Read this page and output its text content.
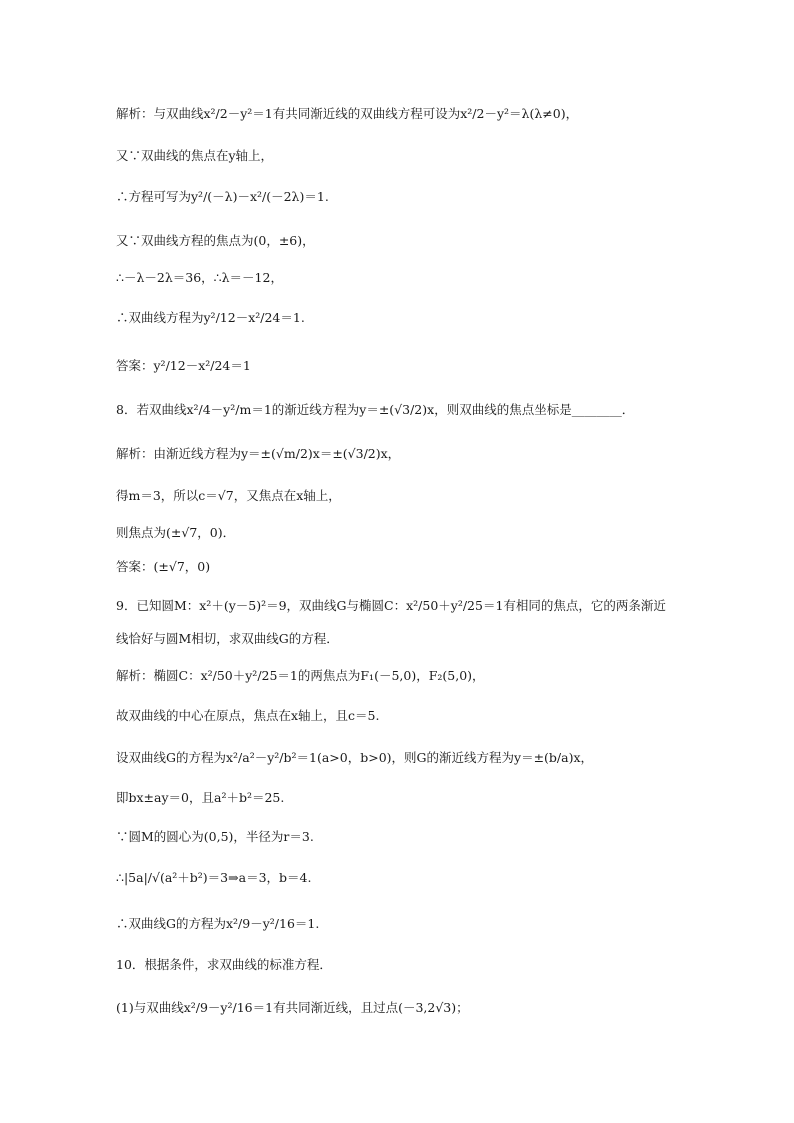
解析：与双曲线x²/2－y²＝1有共同渐近线的双曲线方程可设为x²/2－y²＝λ(λ≠0)，
又∵双曲线的焦点在y轴上，
∴方程可写为y²/(－λ)－x²/(－2λ)＝1.
又∵双曲线方程的焦点为(0，±6)，
∴－λ－2λ＝36，∴λ＝－12，
∴双曲线方程为y²/12－x²/24＝1.
答案：y²/12－x²/24＝1
8．若双曲线x²/4－y²/m＝1的渐近线方程为y＝±(√3/2)x，则双曲线的焦点坐标是________．
解析：由渐近线方程为y＝±(√m/2)x＝±(√3/2)x，
得m＝3，所以c＝√7，又焦点在x轴上，
则焦点为(±√7，0)．
答案：(±√7，0)
9．已知圆M：x²＋(y－5)²＝9，双曲线G与椭圆C：x²/50＋y²/25＝1有相同的焦点，它的两条渐近
线恰好与圆M相切，求双曲线G的方程．
解析：椭圆C：x²/50＋y²/25＝1的两焦点为F₁(－5,0)，F₂(5,0)，
故双曲线的中心在原点，焦点在x轴上，且c＝5.
设双曲线G的方程为x²/a²－y²/b²＝1(a>0，b>0)，则G的渐近线方程为y＝±(b/a)x，
即bx±ay＝0，且a²＋b²＝25.
∵圆M的圆心为(0,5)，半径为r＝3.
∴|5a|/√(a²＋b²)＝3⇒a＝3，b＝4.
∴双曲线G的方程为x²/9－y²/16＝1.
10．根据条件，求双曲线的标准方程．
(1)与双曲线x²/9－y²/16＝1有共同渐近线，且过点(－3,2√3)；
